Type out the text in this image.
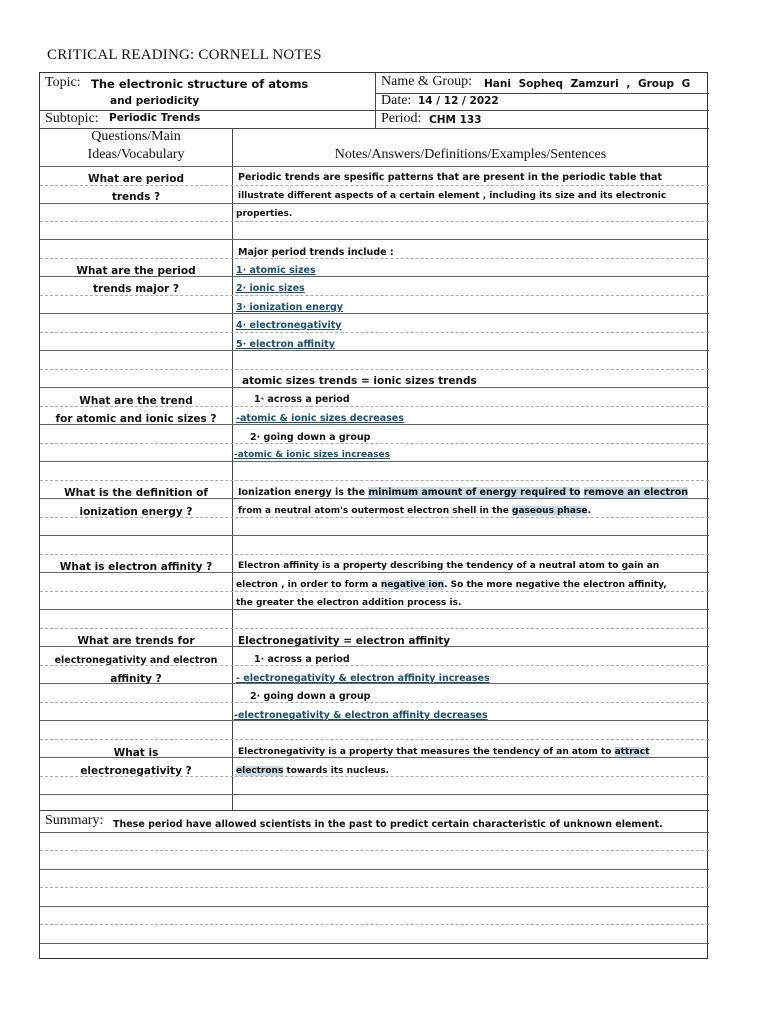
CRITICAL READING: CORNELL NOTES
Topic: The electronic structure of atoms
and periodicity
Name & Group: Hani Sopheq Zamzuri , Group G
Date: 14 / 12 / 2022
Subtopic: Periodic Trends	Period: CHM 133
Questions/Main
Ideas/Vocabulary	Notes/Answers/Definitions/Examples/Sentences
What are period
trends ?
What are the period
trends major ?
What are the trend
for atomic and ionic sizes ?
What is the definition of
ionization energy ?
What is electron affinity ?
What are trends for
electronegativity and electron
affinity ?
What is
electronegativity ?
Periodic trends are spesific patterns that are present in the periodic table that
illustrate different aspects of a certain element , including its size and its electronic
properties.
Major period trends include :
1· atomic sizes
2· ionic sizes
3· ionization energy
4· electronegativity
5· electron affinity
atomic sizes trends = ionic sizes trends
1· across a period
-atomic & ionic sizes decreases
2· going down a group
-atomic & ionic sizes increases
Ionization energy is the minimum amount of energy required to remove an electron
from a neutral atom's outermost electron shell in the gaseous phase.
Electron affinity is a property describing the tendency of a neutral atom to gain an
electron , in order to form a negative ion. So the more negative the electron affinity,
the greater the electron addition process is.
Electronegativity = electron affinity
1· across a period
- electronegativity & electron affinity increases
2· going down a group
-electronegativity & electron affinity decreases
Electronegativity is a property that measures the tendency of an atom to attract
electrons towards its nucleus.
Summary: These period have allowed scientists in the past to predict certain characteristic of unknown element.
